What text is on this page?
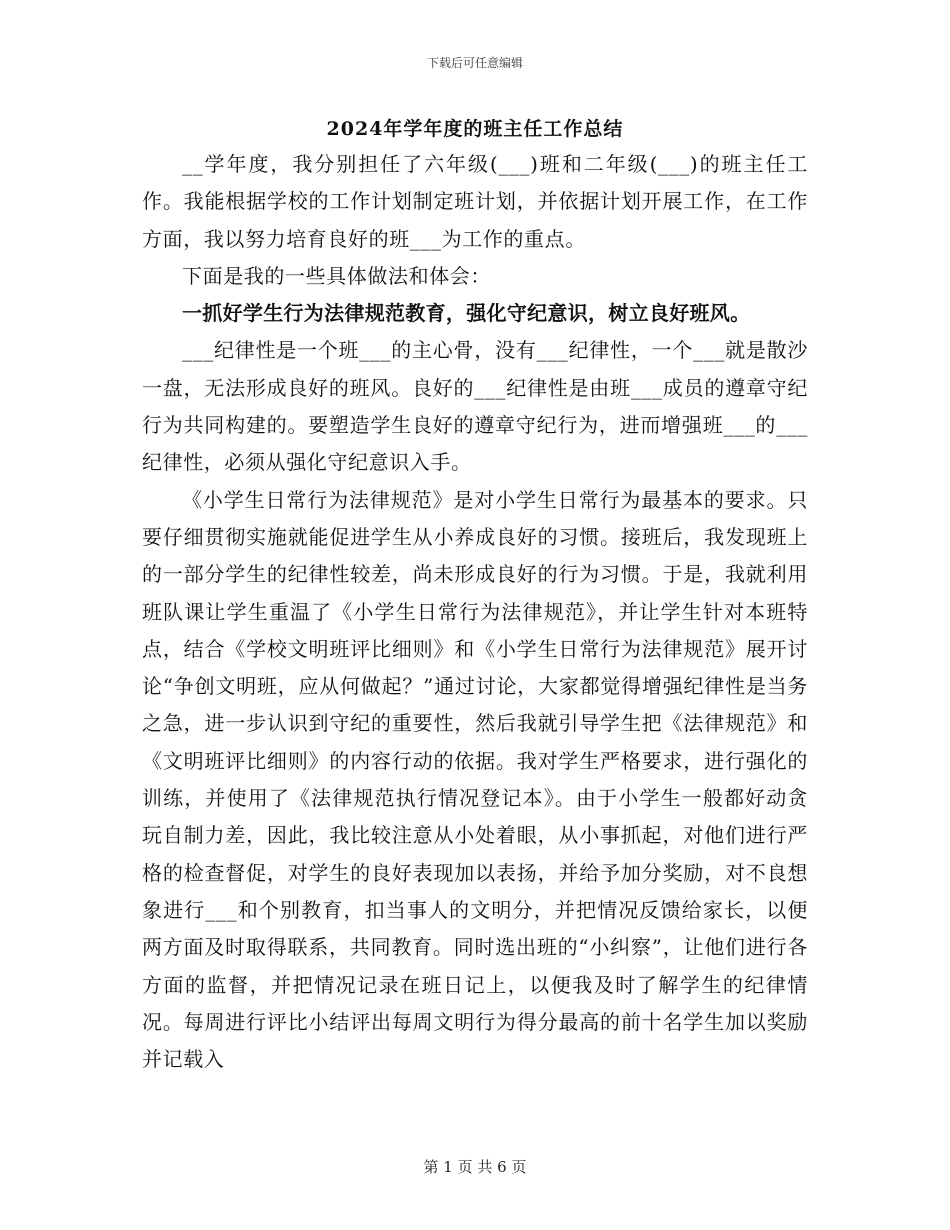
下载后可任意编辑
2024年学年度的班主任工作总结

__学年度，我分别担任了六年级(___)班和二年级(___)的班主任工作。我能根据学校的工作计划制定班计划，并依据计划开展工作，在工作方面，我以努力培育良好的班___为工作的重点。

下面是我的一些具体做法和体会：

一抓好学生行为法律规范教育，强化守纪意识，树立良好班风。

___纪律性是一个班___的主心骨，没有___纪律性，一个___就是散沙一盘，无法形成良好的班风。良好的___纪律性是由班___成员的遵章守纪行为共同构建的。要塑造学生良好的遵章守纪行为，进而增强班___的___纪律性，必须从强化守纪意识入手。

《小学生日常行为法律规范》是对小学生日常行为最基本的要求。只要仔细贯彻实施就能促进学生从小养成良好的习惯。接班后，我发现班上的一部分学生的纪律性较差，尚未形成良好的行为习惯。于是，我就利用班队课让学生重温了《小学生日常行为法律规范》，并让学生针对本班特点，结合《学校文明班评比细则》和《小学生日常行为法律规范》展开讨论“争创文明班，应从何做起？”通过讨论，大家都觉得增强纪律性是当务之急，进一步认识到守纪的重要性，然后我就引导学生把《法律规范》和《文明班评比细则》的内容行动的依据。我对学生严格要求，进行强化的训练，并使用了《法律规范执行情况登记本》。由于小学生一般都好动贪玩自制力差，因此，我比较注意从小处着眼，从小事抓起，对他们进行严格的检查督促，对学生的良好表现加以表扬，并给予加分奖励，对不良想象进行___和个别教育，扣当事人的文明分，并把情况反馈给家长，以便两方面及时取得联系，共同教育。同时选出班的“小纠察”，让他们进行各方面的监督，并把情况记录在班日记上，以便我及时了解学生的纪律情况。每周进行评比小结评出每周文明行为得分最高的前十名学生加以奖励并记载入

第 1 页 共 6 页
